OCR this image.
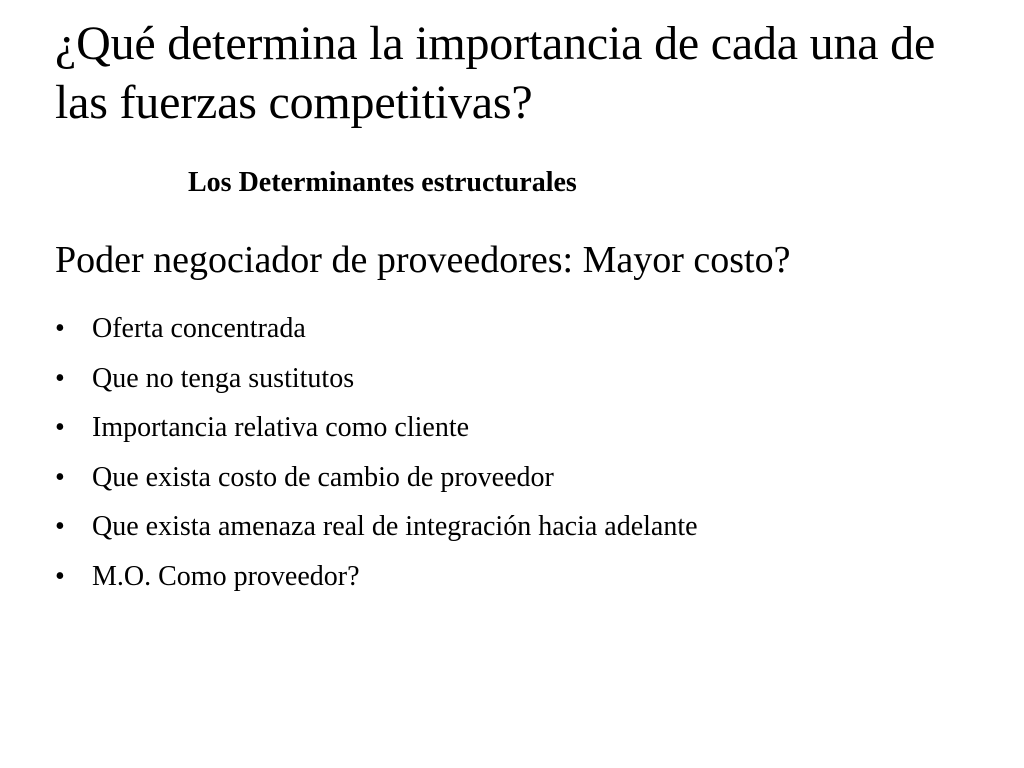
¿Qué determina la importancia de cada una de las fuerzas competitivas?
Los Determinantes estructurales
Poder negociador de proveedores: Mayor costo?
• Oferta concentrada
• Que no tenga sustitutos
• Importancia relativa como cliente
• Que exista costo de cambio de proveedor
• Que exista amenaza real de integración hacia adelante
• M.O. Como proveedor?
